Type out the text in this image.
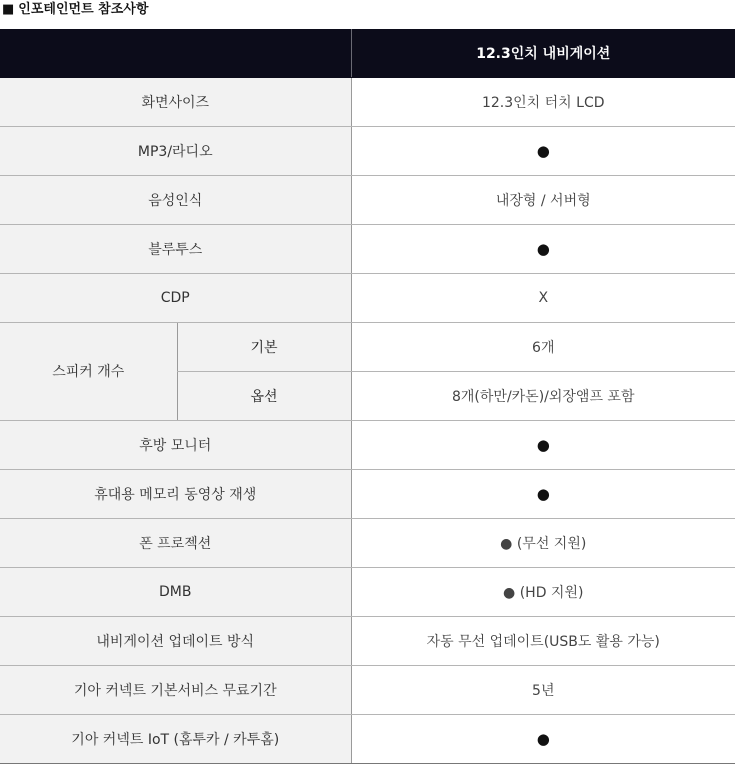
■ 인포테인먼트 참조사항
		12.3인치 내비게이션
화면사이즈		12.3인치 터치 LCD
MP3/라디오		●
음성인식		내장형 / 서버형
블루투스		●
CDP		X
스피커 개수	기본	6개
	옵션	8개(하만/카돈)/외장앰프 포함
후방 모니터		●
휴대용 메모리 동영상 재생		●
폰 프로젝션		● (무선 지원)
DMB		● (HD 지원)
내비게이션 업데이트 방식		자동 무선 업데이트(USB도 활용 가능)
기아 커넥트 기본서비스 무료기간		5년
기아 커넥트 IoT (홈투카 / 카투홈)		●
